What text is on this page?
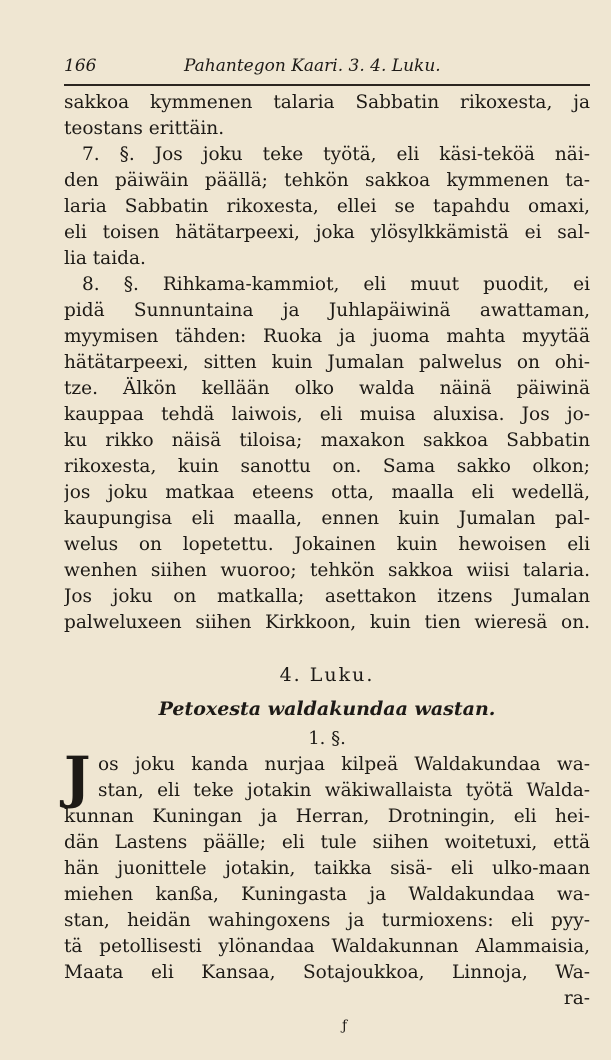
166	Pahantegon Kaari. 3. 4. Luku.
sakkoa kymmenen talaria Sabbatin rikoxesta, ja
teostans erittäin.
7. §. Jos joku teke työtä, eli käsi-teköä näi-
den päiwäin päällä; tehkön sakkoa kymmenen ta-
laria Sabbatin rikoxesta, ellei se tapahdu omaxi,
eli toisen hätätarpeexi, joka ylösylkkämistä ei sal-
lia taida.
8. §. Rihkama-kammiot, eli muut puodit, ei
pidä Sunnuntaina ja Juhlapäiwinä awattaman,
myymisen tähden: Ruoka ja juoma mahta myytää
hätätarpeexi, sitten kuin Jumalan palwelus on ohi-
tze. Älkön kellään olko walda näinä päiwinä
kauppaa tehdä laiwois, eli muisa aluxisa. Jos jo-
ku rikko näisä tiloisa; maxakon sakkoa Sabbatin
rikoxesta, kuin sanottu on. Sama sakko olkon;
jos joku matkaa eteens otta, maalla eli wedellä,
kaupungisa eli maalla, ennen kuin Jumalan pal-
welus on lopetettu. Jokainen kuin hewoisen eli
wenhen siihen wuoroo; tehkön sakkoa wiisi talaria.
Jos joku on matkalla; asettakon itzens Jumalan
palweluxeen siihen Kirkkoon, kuin tien wieresä on.
4. Luku.
Petoxesta waldakundaa wastan.
1. §.
J os joku kanda nurjaa kilpeä Waldakundaa wa-
stan, eli teke jotakin wäkiwallaista työtä Walda-
kunnan Kuningan ja Herran, Drotningin, eli hei-
dän Lastens päälle; eli tule siihen woitetuxi, että
hän juonittele jotakin, taikka sisä- eli ulko-maan
miehen kanßa, Kuningasta ja Waldakundaa wa-
stan, heidän wahingoxens ja turmioxens: eli pyy-
tä petollisesti ylönandaa Waldakunnan Alammaisia,
Maata eli Kansaa, Sotajoukkoa, Linnoja, Wa-
ra-
ƒ
